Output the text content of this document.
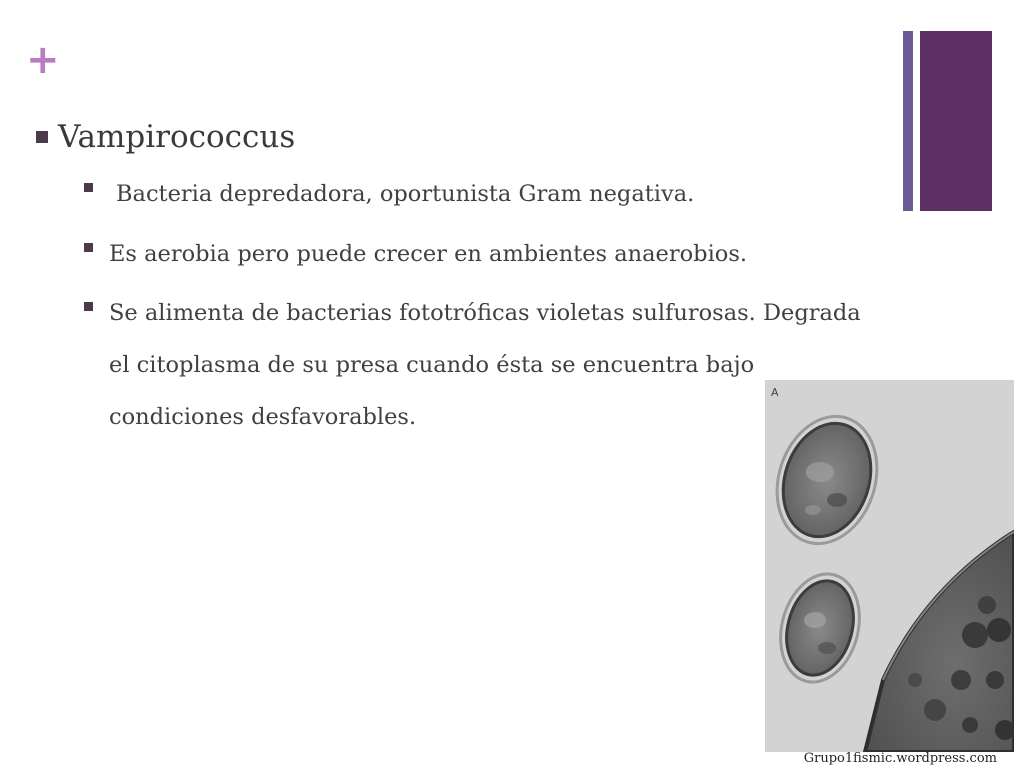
+
Vampirococcus
Bacteria depredadora, oportunista Gram negativa.
Es aerobia pero puede crecer en ambientes anaerobios.
Se alimenta de bacterias fototróficas violetas sulfurosas. Degrada el citoplasma de su presa cuando ésta se encuentra bajo condiciones desfavorables.
A
Grupo1fismic.wordpress.com
